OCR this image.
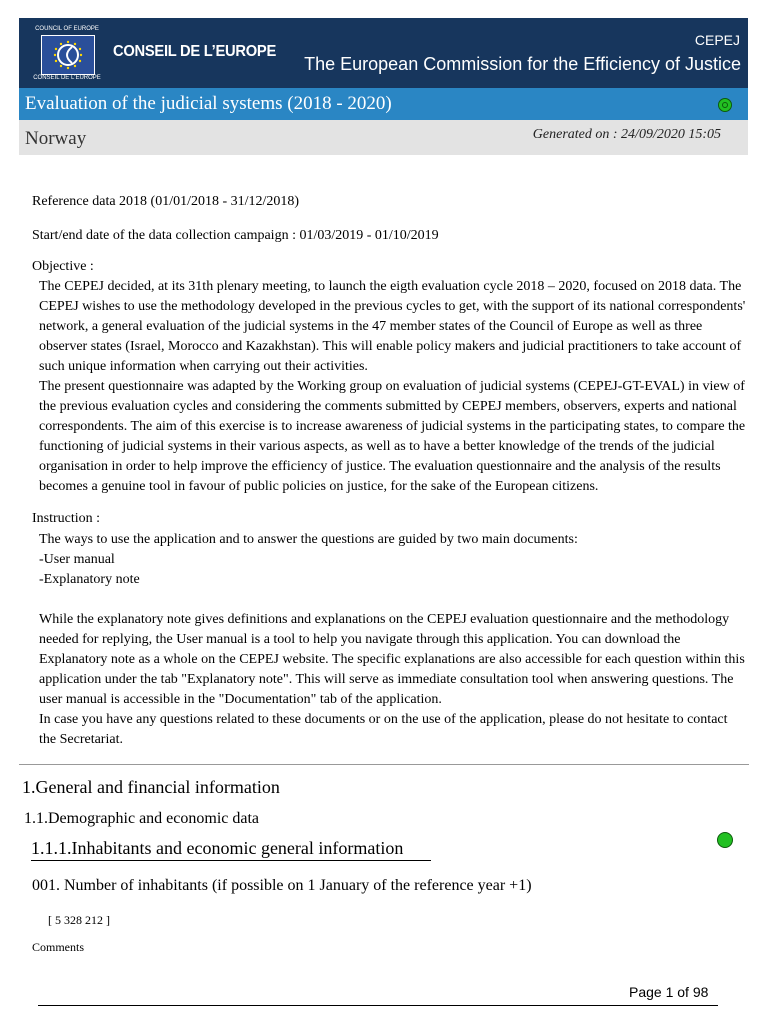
COUNCIL OF EUROPE
CONSEIL DE L'EUROPE
CONSEIL DE L’EUROPE
CEPEJ
The European Commission for the Efficiency of Justice
Evaluation of the judicial systems (2018 - 2020)
Norway	Generated on : 24/09/2020 15:05
Reference data 2018 (01/01/2018 - 31/12/2018)
Start/end date of the data collection campaign : 01/03/2019 - 01/10/2019
Objective :

The CEPEJ decided, at its 31th plenary meeting, to launch the eigth evaluation cycle 2018 – 2020, focused on 2018 data. The CEPEJ wishes to use the methodology developed in the previous cycles to get, with the support of its national correspondents' network, a general evaluation of the judicial systems in the 47 member states of the Council of Europe as well as three observer states (Israel, Morocco and Kazakhstan). This will enable policy makers and judicial practitioners to take account of such unique information when carrying out their activities.

The present questionnaire was adapted by the Working group on evaluation of judicial systems (CEPEJ-GT-EVAL) in view of the previous evaluation cycles and considering the comments submitted by CEPEJ members, observers, experts and national correspondents. The aim of this exercise is to increase awareness of judicial systems in the participating states, to compare the functioning of judicial systems in their various aspects, as well as to have a better knowledge of the trends of the judicial organisation in order to help improve the efficiency of justice. The evaluation questionnaire and the analysis of the results becomes a genuine tool in favour of public policies on justice, for the sake of the European citizens.

Instruction :

The ways to use the application and to answer the questions are guided by two main documents:

-User manual

-Explanatory note

While the explanatory note gives definitions and explanations on the CEPEJ evaluation questionnaire and the methodology needed for replying, the User manual is a tool to help you navigate through this application. You can download the Explanatory note as a whole on the CEPEJ website. The specific explanations are also accessible for each question within this application under the tab "Explanatory note". This will serve as immediate consultation tool when answering questions. The user manual is accessible in the "Documentation" tab of the application.

In case you have any questions related to these documents or on the use of the application, please do not hesitate to contact the Secretariat.

1.General and financial information
1.1.Demographic and economic data
1.1.1.Inhabitants and economic general information
001. Number of inhabitants (if possible on 1 January of the reference year +1)
[ 5 328 212 ]
Comments
Page 1 of 98
